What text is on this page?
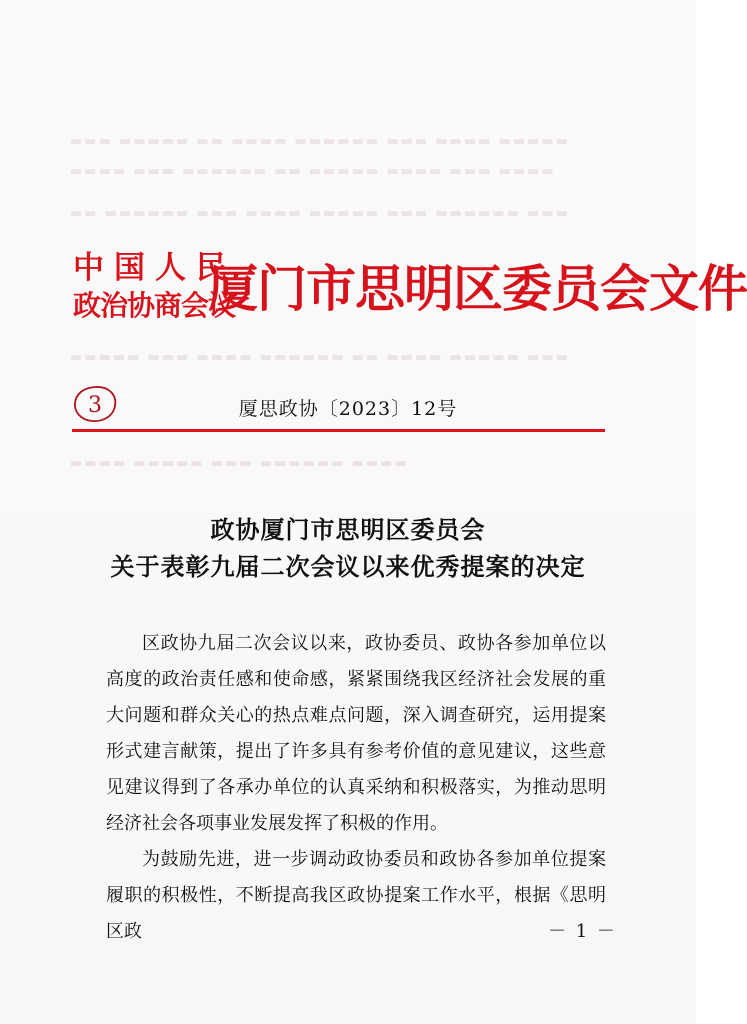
▬▬▬ ▬▬▬▬▬ ▬▬ ▬▬▬▬ ▬▬▬▬▬▬ ▬▬▬ ▬▬▬▬ ▬▬▬▬▬
▬▬▬▬ ▬▬▬ ▬▬▬▬▬▬ ▬▬ ▬▬▬▬▬ ▬▬▬▬ ▬▬▬ ▬▬▬▬
▬▬ ▬▬▬▬▬▬ ▬▬▬ ▬▬▬▬ ▬▬▬▬▬ ▬▬▬ ▬▬▬▬▬▬ ▬▬▬
▬▬▬▬▬ ▬▬▬ ▬▬▬▬ ▬▬▬▬▬▬ ▬▬ ▬▬▬▬ ▬▬▬▬▬ ▬▬▬
▬▬▬▬ ▬▬▬▬▬ ▬▬▬ ▬▬▬▬▬▬ ▬▬▬▬
中国人民
政治协商会议
厦门市思明区委员会文件
3	厦思政协〔2023〕12号
政协厦门市思明区委员会
关于表彰九届二次会议以来优秀提案的决定
区政协九届二次会议以来，政协委员、政协各参加单位以高度的政治责任感和使命感，紧紧围绕我区经济社会发展的重大问题和群众关心的热点难点问题，深入调查研究，运用提案形式建言献策，提出了许多具有参考价值的意见建议，这些意见建议得到了各承办单位的认真采纳和积极落实，为推动思明经济社会各项事业发展发挥了积极的作用。
为鼓励先进，进一步调动政协委员和政协各参加单位提案履职的积极性，不断提高我区政协提案工作水平，根据《思明区政	－ 1 －
